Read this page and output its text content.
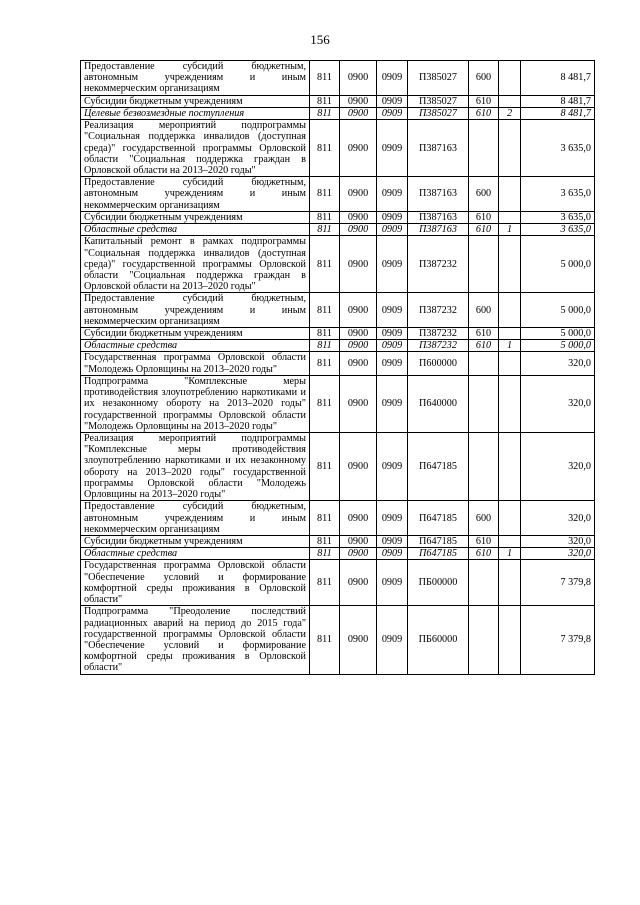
156
Предоставление субсидий бюджетным, автономным учреждениям и иным некоммерческим организациям	811	0900	0909	П385027	600		8 481,7
Субсидии бюджетным учреждениям	811	0900	0909	П385027	610		8 481,7
Целевые безвозмездные поступления	811	0900	0909	П385027	610	2	8 481,7
Реализация мероприятий подпрограммы "Социальная поддержка инвалидов (доступная среда)" государственной программы Орловской области "Социальная поддержка граждан в Орловской области на 2013–2020 годы"	811	0900	0909	П387163			3 635,0
Предоставление субсидий бюджетным, автономным учреждениям и иным некоммерческим организациям	811	0900	0909	П387163	600		3 635,0
Субсидии бюджетным учреждениям	811	0900	0909	П387163	610		3 635,0
Областные средства	811	0900	0909	П387163	610	1	3 635,0
Капитальный ремонт в рамках подпрограммы "Социальная поддержка инвалидов (доступная среда)" государственной программы Орловской области "Социальная поддержка граждан в Орловской области на 2013–2020 годы"	811	0900	0909	П387232			5 000,0
Предоставление субсидий бюджетным, автономным учреждениям и иным некоммерческим организациям	811	0900	0909	П387232	600		5 000,0
Субсидии бюджетным учреждениям	811	0900	0909	П387232	610		5 000,0
Областные средства	811	0900	0909	П387232	610	1	5 000,0
Государственная программа Орловской области "Молодежь Орловщины на 2013–2020 годы"	811	0900	0909	П600000			320,0
Подпрограмма "Комплексные меры противодействия злоупотреблению наркотиками и их незаконному обороту на 2013–2020 годы" государственной программы Орловской области "Молодежь Орловщины на 2013–2020 годы"	811	0900	0909	П640000			320,0
Реализация мероприятий подпрограммы "Комплексные меры противодействия злоупотреблению наркотиками и их незаконному обороту на 2013–2020 годы" государственной программы Орловской области "Молодежь Орловщины на 2013–2020 годы"	811	0900	0909	П647185			320,0
Предоставление субсидий бюджетным, автономным учреждениям и иным некоммерческим организациям	811	0900	0909	П647185	600		320,0
Субсидии бюджетным учреждениям	811	0900	0909	П647185	610		320,0
Областные средства	811	0900	0909	П647185	610	1	320,0
Государственная программа Орловской области "Обеспечение условий и формирование комфортной среды проживания в Орловской области"	811	0900	0909	ПБ00000			7 379,8
Подпрограмма "Преодоление последствий радиационных аварий на период до 2015 года" государственной программы Орловской области "Обеспечение условий и формирование комфортной среды проживания в Орловской области"	811	0900	0909	ПБ60000			7 379,8
